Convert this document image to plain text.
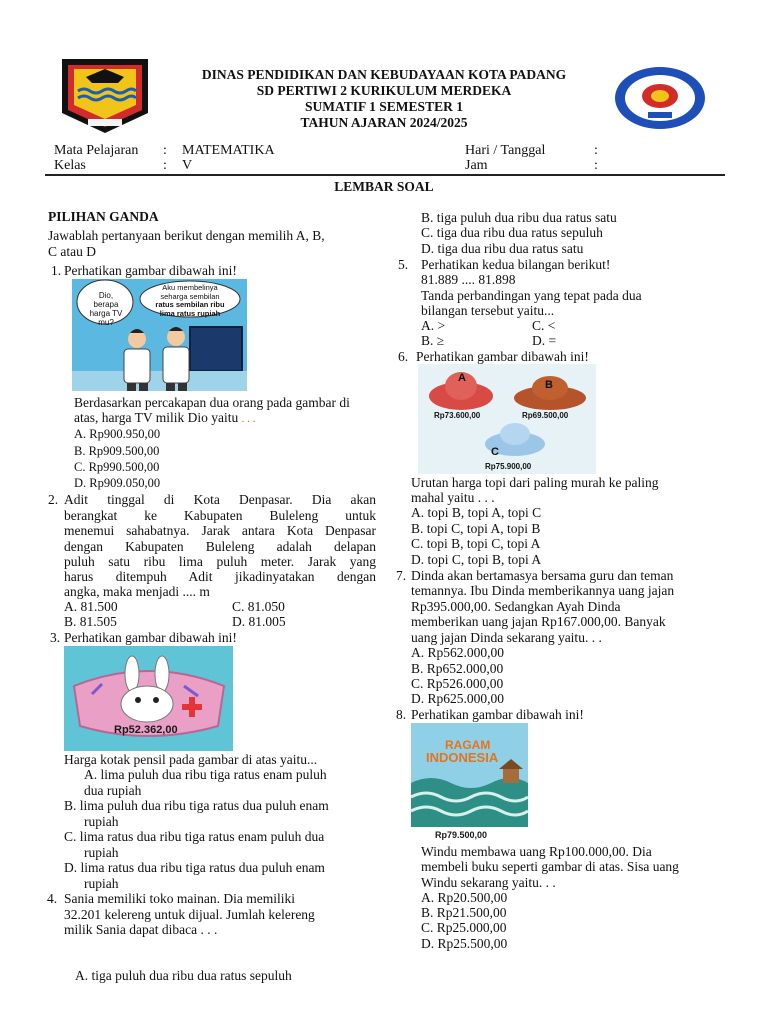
DINAS PENDIDIKAN DAN KEBUDAYAAN KOTA PADANG
SD PERTIWI 2 KURIKULUM MERDEKA
SUMATIF 1 SEMESTER 1
TAHUN AJARAN 2024/2025
Mata Pelajaran : MATEMATIKA	Hari / Tanggal	:
Kelas	: V	Jam	:
LEMBAR SOAL
PILIHAN GANDA
Jawablah pertanyaan berikut dengan memilih A, B,
C atau D
1. Perhatikan gambar dibawah ini!
Dio,
berapa
harga TV
mu?
Aku membelinya
seharga sembilan
ratus sembilan ribu
lima ratus rupiah
Berdasarkan percakapan dua orang pada gambar di
atas, harga TV milik Dio yaitu . . .
A. Rp900.950,00
B. Rp909.500,00
C. Rp990.500,00
D. Rp909.050,00
2. Adit tinggal di Kota Denpasar. Dia akan
berangkat ke Kabupaten Buleleng untuk
menemui sahabatnya. Jarak antara Kota Denpasar
dengan Kabupaten Buleleng adalah delapan
puluh satu ribu lima puluh meter. Jarak yang
harus ditempuh Adit jikadinyatakan dengan
angka, maka menjadi .... m
A. 81.500	C. 81.050
B. 81.505	D. 81.005
3. Perhatikan gambar dibawah ini!
Rp52.362,00
Harga kotak pensil pada gambar di atas yaitu...
A. lima puluh dua ribu tiga ratus enam puluh
dua rupiah
B. lima puluh dua ribu tiga ratus dua puluh enam
rupiah
C. lima ratus dua ribu tiga ratus enam puluh dua
rupiah
D. lima ratus dua ribu tiga ratus dua puluh enam
rupiah
4. Sania memiliki toko mainan. Dia memiliki
32.201 kelereng untuk dijual. Jumlah kelereng
milik Sania dapat dibaca . . .
A. tiga puluh dua ribu dua ratus sepuluh
B. tiga puluh dua ribu dua ratus satu
C. tiga dua ribu dua ratus sepuluh
D. tiga dua ribu dua ratus satu
5. Perhatikan kedua bilangan berikut!
81.889 .... 81.898
Tanda perbandingan yang tepat pada dua
bilangan tersebut yaitu...
A. >	C. <
B. ≥	D. =
6. Perhatikan gambar dibawah ini!
A
B
C
Rp73.600,00	Rp69.500,00
Rp75.900,00
Urutan harga topi dari paling murah ke paling
mahal yaitu . . .
A. topi B, topi A, topi C
B. topi C, topi A, topi B
C. topi B, topi C, topi A
D. topi C, topi B, topi A
7. Dinda akan bertamasya bersama guru dan teman
temannya. Ibu Dinda memberikannya uang jajan
Rp395.000,00. Sedangkan Ayah Dinda
memberikan uang jajan Rp167.000,00. Banyak
uang jajan Dinda sekarang yaitu. . .
A. Rp562.000,00
B. Rp652.000,00
C. Rp526.000,00
D. Rp625.000,00
8. Perhatikan gambar dibawah ini!
RAGAM
INDONESIA
Rp79.500,00
Windu membawa uang Rp100.000,00. Dia
membeli buku seperti gambar di atas. Sisa uang
Windu sekarang yaitu. . .
A. Rp20.500,00
B. Rp21.500,00
C. Rp25.000,00
D. Rp25.500,00
